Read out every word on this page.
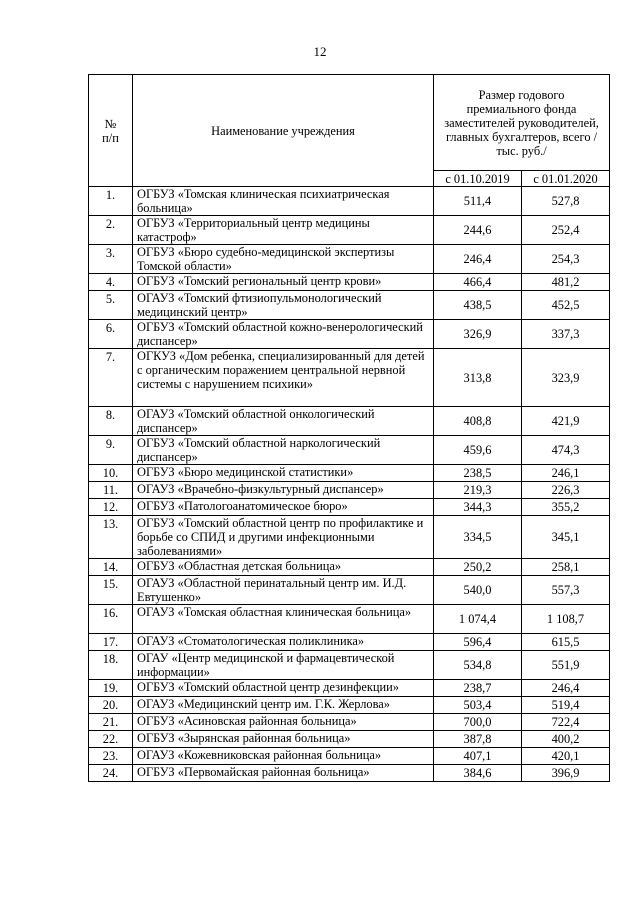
12
№
п/п	Наименование учреждения	Размер годового премиального фонда заместителей руководителей, главных бухгалтеров, всего /тыс. руб./	
		с 01.10.2019	с 01.01.2020
1.	ОГБУЗ «Томская клиническая психиатрическая больница»	511,4	527,8
2.	ОГБУЗ «Территориальный центр медицины катастроф»	244,6	252,4
3.	ОГБУЗ «Бюро судебно-медицинской экспертизы Томской области»	246,4	254,3
4.	ОГБУЗ «Томский региональный центр крови»	466,4	481,2
5.	ОГАУЗ «Томский фтизиопульмонологический медицинский центр»	438,5	452,5
6.	ОГБУЗ «Томский областной кожно-венерологический диспансер»	326,9	337,3
7.	ОГКУЗ «Дом ребенка, специализированный для детей с органическим поражением центральной нервной системы с нарушением психики»	313,8	323,9
8.	ОГАУЗ «Томский областной онкологический диспансер»	408,8	421,9
9.	ОГБУЗ «Томский областной наркологический диспансер»	459,6	474,3
10.	ОГБУЗ «Бюро медицинской статистики»	238,5	246,1
11.	ОГАУЗ «Врачебно-физкультурный диспансер»	219,3	226,3
12.	ОГБУЗ «Патологоанатомическое бюро»	344,3	355,2
13.	ОГБУЗ «Томский областной центр по профилактике и борьбе со СПИД и другими инфекционными заболеваниями»	334,5	345,1
14.	ОГБУЗ «Областная детская больница»	250,2	258,1
15.	ОГАУЗ «Областной перинатальный центр им. И.Д. Евтушенко»	540,0	557,3
16.	ОГАУЗ «Томская областная клиническая больница»	1 074,4	1 108,7
17.	ОГАУЗ «Стоматологическая поликлиника»	596,4	615,5
18.	ОГАУ «Центр медицинской и фармацевтической информации»	534,8	551,9
19.	ОГБУЗ «Томский областной центр дезинфекции»	238,7	246,4
20.	ОГАУЗ «Медицинский центр им. Г.К. Жерлова»	503,4	519,4
21.	ОГБУЗ «Асиновская районная больница»	700,0	722,4
22.	ОГБУЗ «Зырянская районная больница»	387,8	400,2
23.	ОГАУЗ «Кожевниковская районная больница»	407,1	420,1
24.	ОГБУЗ «Первомайская районная больница»	384,6	396,9
